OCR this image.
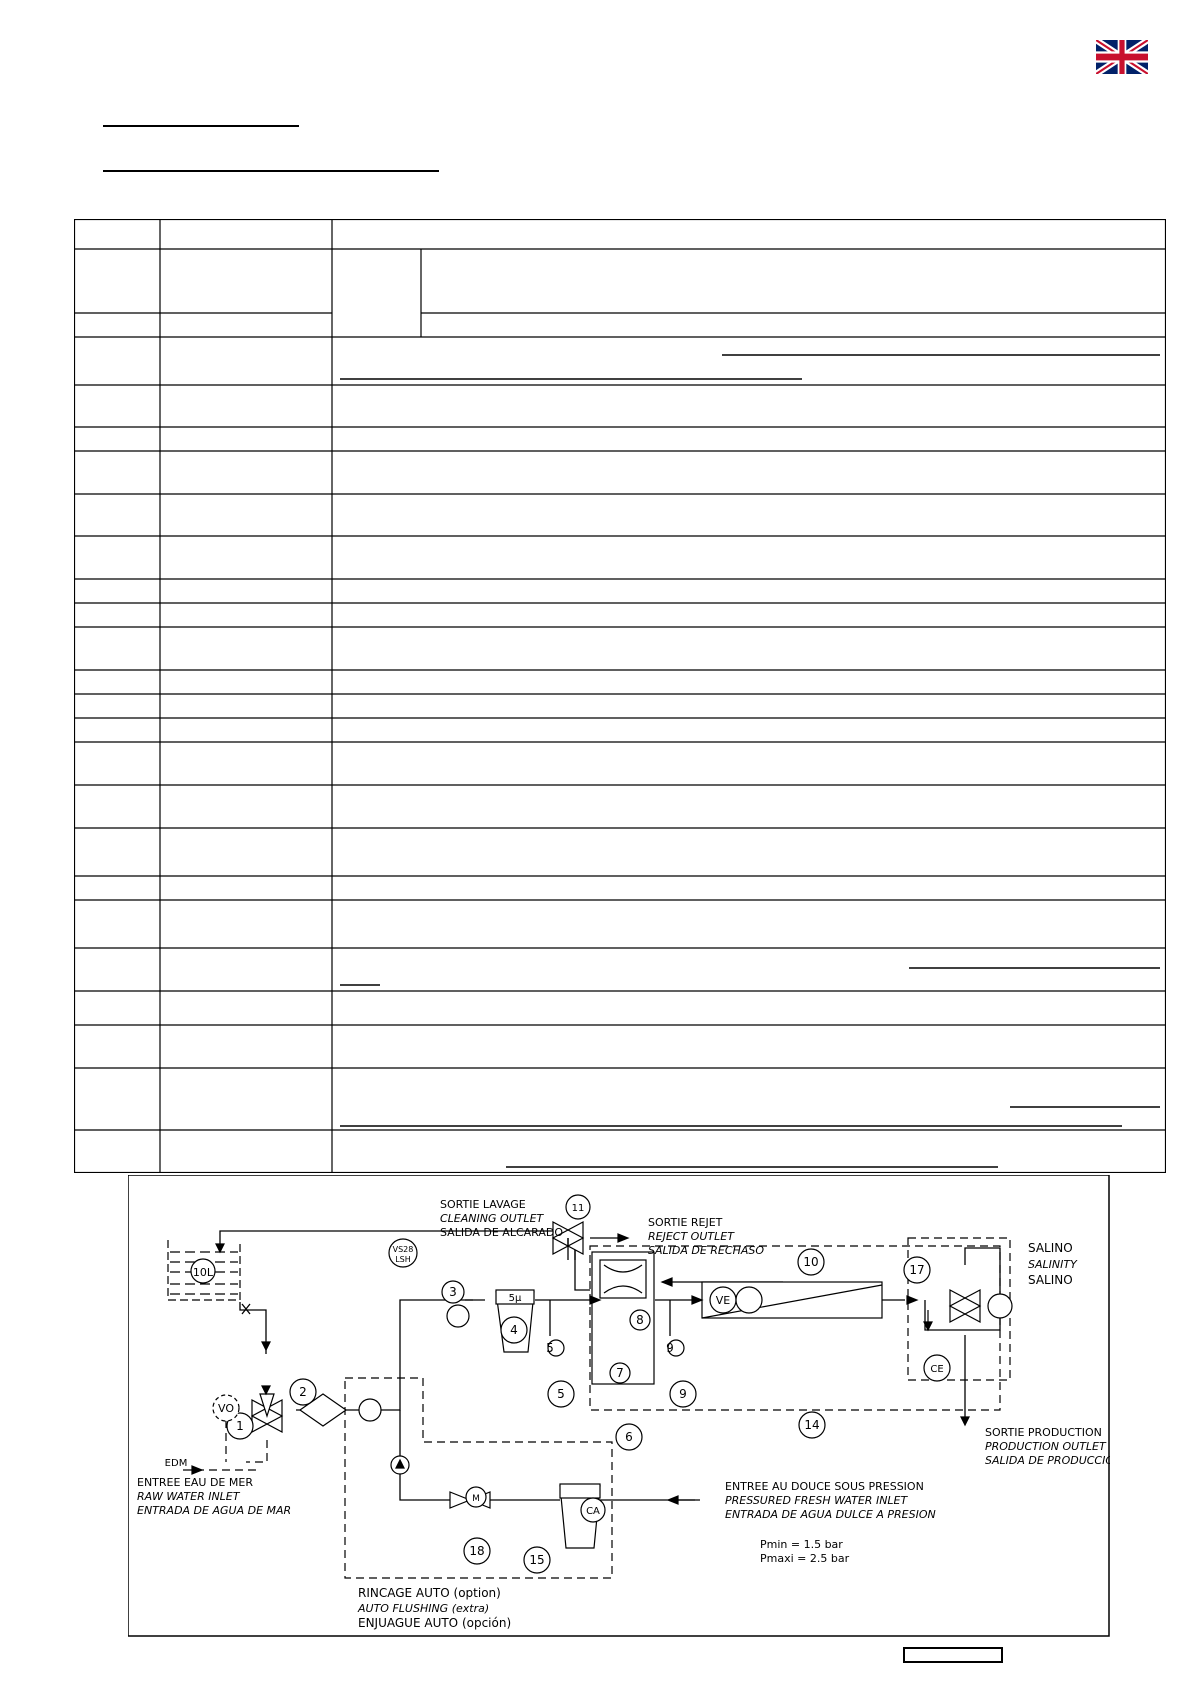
10L
1
2
3
4
5
5
6
7
8
9
9
10
11
14
15
17
18
VO
VS28
LSH
5µ	VE
M
CE
CA
EDM
SORTIE LAVAGE
CLEANING OUTLET
SALIDA DE ALCARADO
SORTIE REJET
REJECT OUTLET
SALIDA DE RECHASO	SALINO
SALINITY
SALINO
SORTIE PRODUCTION
PRODUCTION OUTLET
SALIDA DE PRODUCCION
ENTREE EAU DE MER
RAW WATER INLET
ENTRADA DE AGUA DE MAR
ENTREE AU DOUCE SOUS PRESSION
PRESSURED FRESH WATER INLET
ENTRADA DE AGUA DULCE A PRESION
Pmin = 1.5 bar
Pmaxi = 2.5 bar
RINCAGE AUTO (option)
AUTO FLUSHING (extra)
ENJUAGUE AUTO (opción)
